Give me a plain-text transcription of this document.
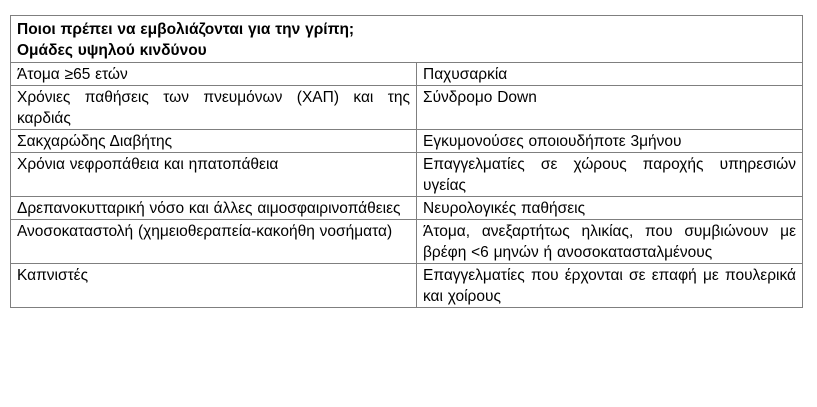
Ποιοι πρέπει να εμβολιάζονται για την γρίπη;
Ομάδες υψηλού κινδύνου	

Άτομα ≥65 ετών	Παχυσαρκία
Χρόνιες παθήσεις των πνευμόνων (ΧΑΠ) και της καρδιάς	Σύνδρομο Down
Σακχαρώδης Διαβήτης	Εγκυμονούσες οποιουδήποτε 3μήνου
Χρόνια νεφροπάθεια και ηπατοπάθεια	Επαγγελματίες σε χώρους παροχής υπηρεσιών υγείας
Δρεπανοκυτταρική νόσο και άλλες αιμοσφαιρινοπάθειες	Νευρολογικές παθήσεις
Ανοσοκαταστολή (χημειοθεραπεία-κακοήθη νοσήματα)	Άτομα, ανεξαρτήτως ηλικίας, που συμβιώνουν με βρέφη <6 μηνών ή ανοσοκατασταλμένους
Καπνιστές	Επαγγελματίες που έρχονται σε επαφή με πουλερικά και χοίρους
